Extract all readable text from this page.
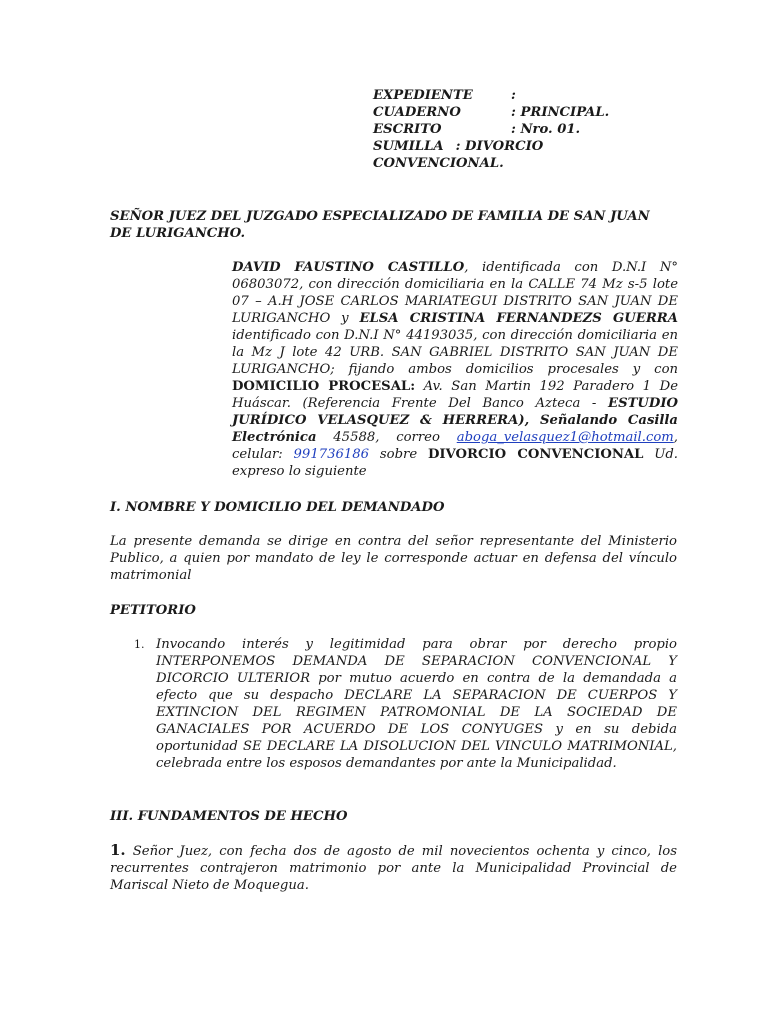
EXPEDIENTE	:
CUADERNO	: PRINCIPAL.
ESCRITO	: Nro. 01.
SUMILLA : DIVORCIO
CONVENCIONAL.
SEÑOR JUEZ DEL JUZGADO ESPECIALIZADO DE FAMILIA DE SAN JUAN DE LURIGANCHO.
DAVID FAUSTINO CASTILLO, identificada con D.N.I N° 06803072, con dirección domiciliaria en la CALLE 74 Mz s-5 lote 07 – A.H JOSE CARLOS MARIATEGUI DISTRITO SAN JUAN DE LURIGANCHO y ELSA CRISTINA FERNANDEZS GUERRA identificado con D.N.I N° 44193035, con dirección domiciliaria en la Mz J lote 42 URB. SAN GABRIEL DISTRITO SAN JUAN DE LURIGANCHO; fijando ambos domicilios procesales y con DOMICILIO PROCESAL: Av. San Martin 192 Paradero 1 De Huáscar. (Referencia Frente Del Banco Azteca - ESTUDIO JURÍDICO VELASQUEZ & HERRERA), Señalando Casilla Electrónica 45588, correo aboga_velasquez1@hotmail.com, celular: 991736186 sobre DIVORCIO CONVENCIONAL Ud. expreso lo siguiente
I. NOMBRE Y DOMICILIO DEL DEMANDADO
La presente demanda se dirige en contra del señor representante del Ministerio Publico, a quien por mandato de ley le corresponde actuar en defensa del vínculo matrimonial
PETITORIO
1. Invocando interés y legitimidad para obrar por derecho propio INTERPONEMOS DEMANDA DE SEPARACION CONVENCIONAL Y DICORCIO ULTERIOR por mutuo acuerdo en contra de la demandada a efecto que su despacho DECLARE LA SEPARACION DE CUERPOS Y EXTINCION DEL REGIMEN PATROMONIAL DE LA SOCIEDAD DE GANACIALES POR ACUERDO DE LOS CONYUGES y en su debida oportunidad SE DECLARE LA DISOLUCION DEL VINCULO MATRIMONIAL, celebrada entre los esposos demandantes por ante la Municipalidad.
III. FUNDAMENTOS DE HECHO
1. Señor Juez, con fecha dos de agosto de mil novecientos ochenta y cinco, los recurrentes contrajeron matrimonio por ante la Municipalidad Provincial de Mariscal Nieto de Moquegua.
